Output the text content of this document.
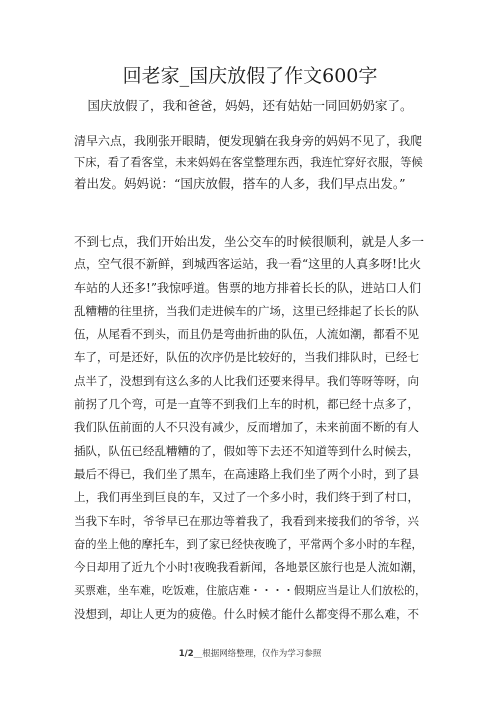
回老家_国庆放假了作文600字

国庆放假了，我和爸爸，妈妈，还有姑姑一同回奶奶家了。

清早六点，我刚张开眼睛，便发现躺在我身旁的妈妈不见了，我爬
下床，看了看客堂，未来妈妈在客堂整理东西，我连忙穿好衣服，等候
着出发。妈妈说：“国庆放假，搭车的人多，我们早点出发。”
不到七点，我们开始出发，坐公交车的时候很顺利，就是人多一
点，空气很不新鲜，到城西客运站，我一看“这里的人真多呀!比火
车站的人还多!”我惊呼道。售票的地方排着长长的队，进站口人们
乱糟糟的往里挤，当我们走进候车的广场，这里已经排起了长长的队
伍，从尾看不到头，而且仍是弯曲折曲的队伍，人流如潮，都看不见
车了，可是还好，队伍的次序仍是比较好的，当我们排队时，已经七
点半了，没想到有这么多的人比我们还要来得早。我们等呀等呀，向
前拐了几个弯，可是一直等不到我们上车的时机，都已经十点多了，
我们队伍前面的人不只没有减少，反而增加了，未来前面不断的有人
插队，队伍已经乱糟糟的了，假如等下去还不知道等到什么时候去，
最后不得已，我们坐了黑车，在高速路上我们坐了两个小时，到了县
上，我们再坐到巨良的车，又过了一个多小时，我们终于到了村口，
当我下车时，爷爷早已在那边等着我了，我看到来接我们的爷爷，兴
奋的坐上他的摩托车，到了家已经快夜晚了，平常两个多小时的车程，
今日却用了近九个小时!夜晚我看新闻，各地景区旅行也是人流如潮，
买票难，坐车难，吃饭难，住旅店难・・・・假期应当是让人们放松的，
没想到，却让人更为的疲倦。什么时候才能什么都变得不那么难，不
1/2__根据网络整理，仅作为学习参照
